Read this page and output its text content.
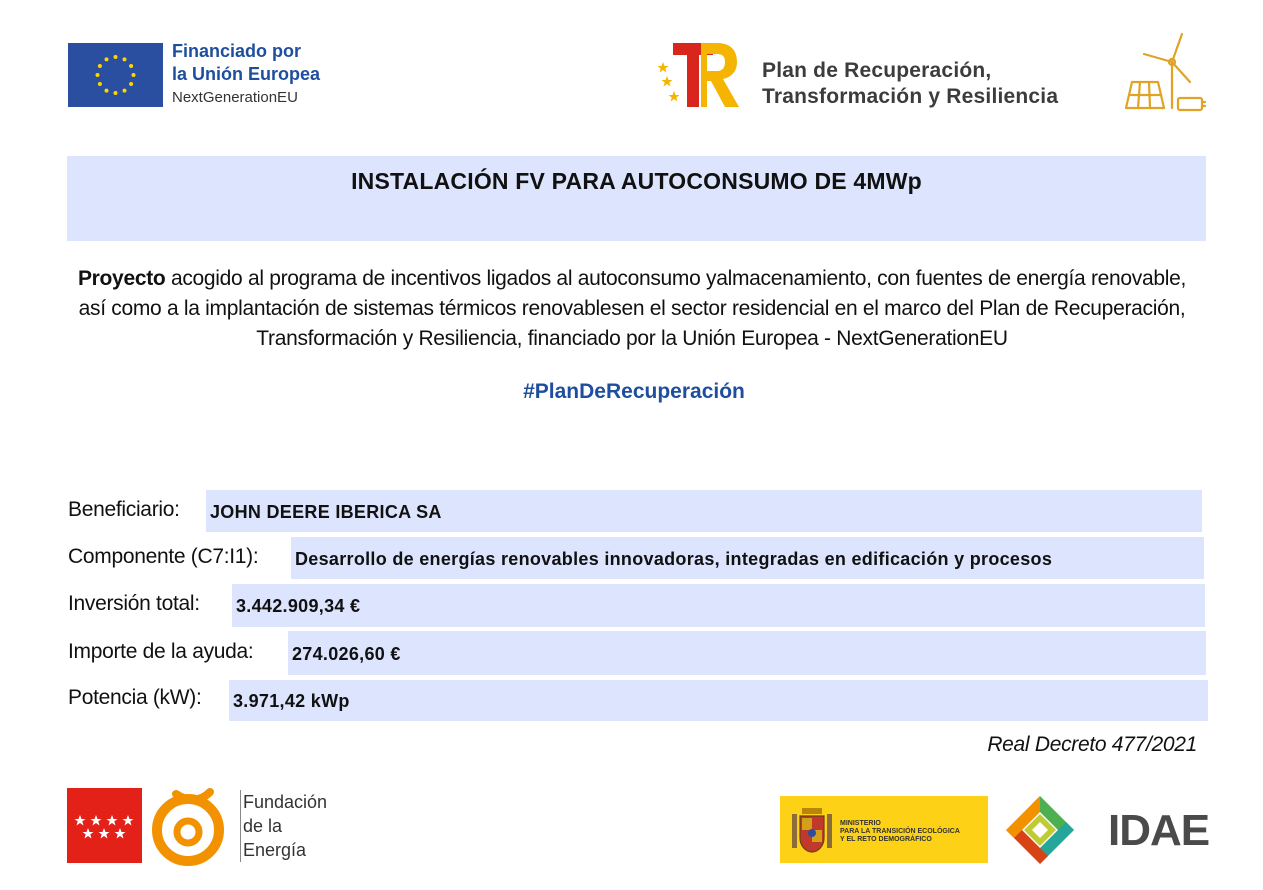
Financiado por
la Unión Europea
NextGenerationEU
Plan de Recuperación,
Transformación y Resiliencia
INSTALACIÓN FV PARA AUTOCONSUMO DE 4MWp
Proyecto acogido al programa de incentivos ligados al autoconsumo yalmacenamiento, con fuentes de energía renovable, así como a la implantación de sistemas térmicos renovablesen el sector residencial en el marco del Plan de Recuperación, Transformación y Resiliencia, financiado por la Unión Europea - NextGenerationEU
#PlanDeRecuperación
Beneficiario: JOHN DEERE IBERICA SA
Componente (C7:I1): Desarrollo de energías renovables innovadoras, integradas en edificación y procesos
Inversión total: 3.442.909,34 €
Importe de la ayuda: 274.026,60 €
Potencia (kW): 3.971,42 kWp
Real Decreto 477/2021
Fundación
de la
Energía
MINISTERIO
PARA LA TRANSICIÓN ECOLÓGICA
Y EL RETO DEMOGRÁFICO	IDAE
